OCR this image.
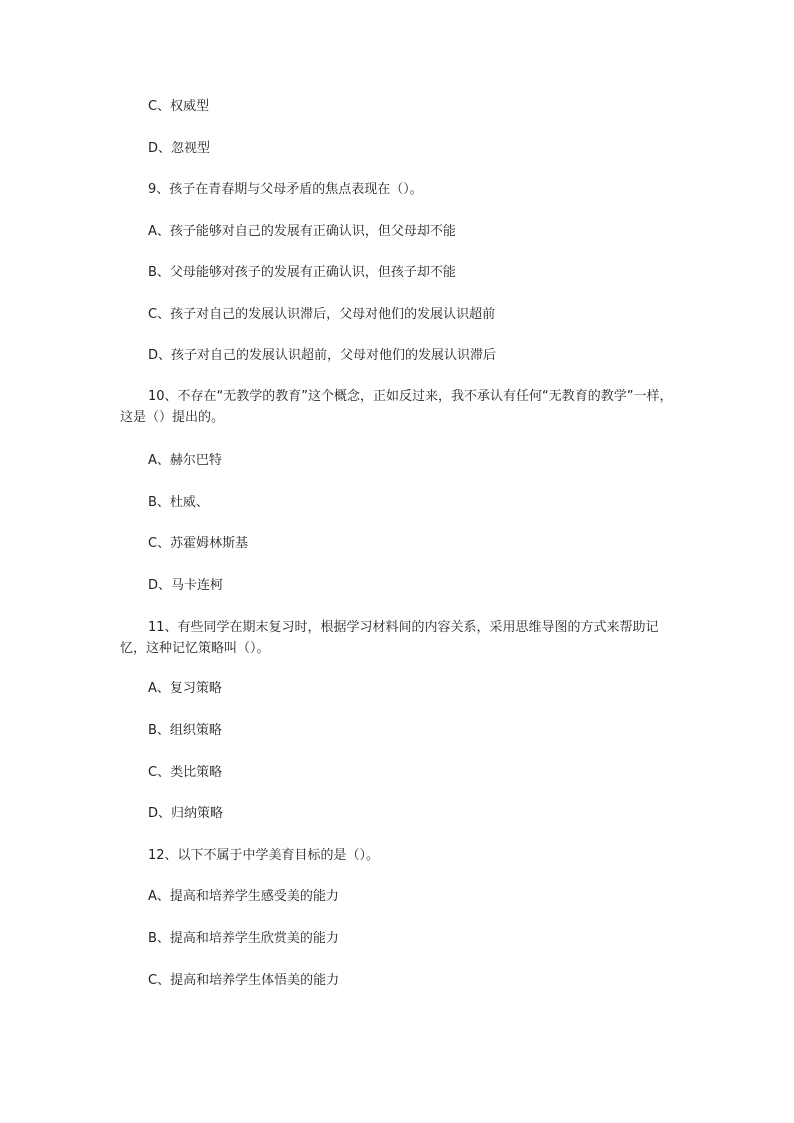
C、权威型
D、忽视型
9、孩子在青春期与父母矛盾的焦点表现在（）。
A、孩子能够对自己的发展有正确认识，但父母却不能
B、父母能够对孩子的发展有正确认识，但孩子却不能
C、孩子对自己的发展认识滞后，父母对他们的发展认识超前
D、孩子对自己的发展认识超前，父母对他们的发展认识滞后
10、不存在“无教学的教育”这个概念，正如反过来，我不承认有任何“无教育的教学”一样，这是（）提出的。
A、赫尔巴特
B、杜威、
C、苏霍姆林斯基
D、马卡连柯
11、有些同学在期末复习时，根据学习材料间的内容关系，采用思维导图的方式来帮助记忆，这种记忆策略叫（）。
A、复习策略
B、组织策略
C、类比策略
D、归纳策略
12、以下不属于中学美育目标的是（）。
A、提高和培养学生感受美的能力
B、提高和培养学生欣赏美的能力
C、提高和培养学生体悟美的能力
